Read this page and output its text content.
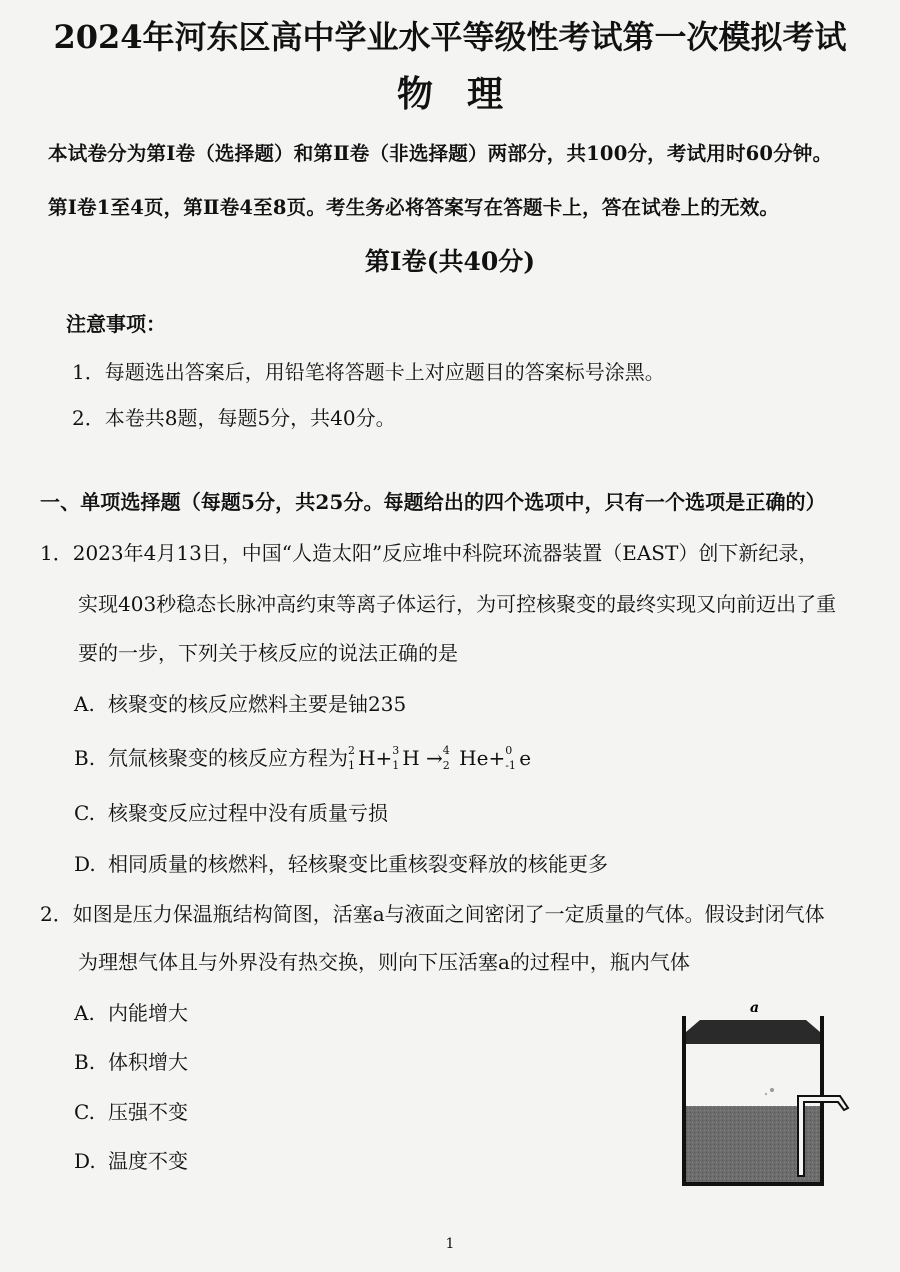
2024年河东区高中学业水平等级性考试第一次模拟考试
物理
本试卷分为第Ⅰ卷（选择题）和第Ⅱ卷（非选择题）两部分，共100分，考试用时60分钟。
第Ⅰ卷1至4页，第Ⅱ卷4至8页。考生务必将答案写在答题卡上，答在试卷上的无效。
第Ⅰ卷(共40分)
注意事项：
1．每题选出答案后，用铅笔将答题卡上对应题目的答案标号涂黑。
2．本卷共8题，每题5分，共40分。
一、单项选择题（每题5分，共25分。每题给出的四个选项中，只有一个选项是正确的）
1．2023年4月13日，中国“人造太阳”反应堆中科院环流器装置（EAST）创下新纪录，
实现403秒稳态长脉冲高约束等离子体运行，为可控核聚变的最终实现又向前迈出了重
要的一步，下列关于核反应的说法正确的是
A. 核聚变的核反应燃料主要是铀235
B. 氘氚核聚变的核反应方程为 2
1 H+ 3
1 H → 4
2 He+ 0
-1 e
C. 核聚变反应过程中没有质量亏损
D. 相同质量的核燃料，轻核聚变比重核裂变释放的核能更多
2．如图是压力保温瓶结构简图，活塞a与液面之间密闭了一定质量的气体。假设封闭气体
为理想气体且与外界没有热交换，则向下压活塞a的过程中，瓶内气体
A. 内能增大
B. 体积增大
C. 压强不变
D. 温度不变
a
1
